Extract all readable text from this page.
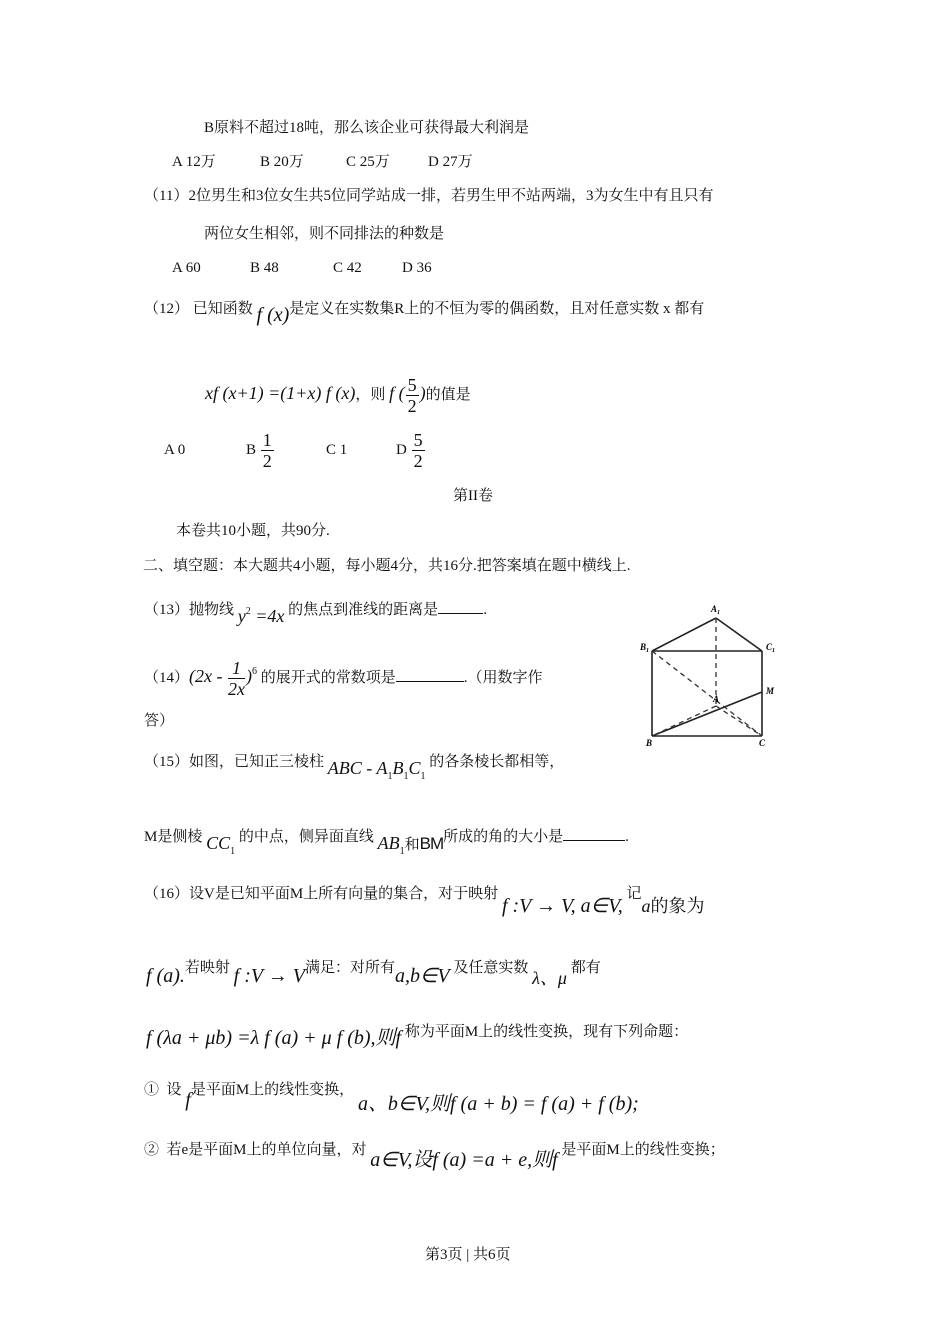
B原料不超过18吨，那么该企业可获得最大利润是
A 12万	B 20万	C 25万	D 27万
（11）2位男生和3位女生共5位同学站成一排，若男生甲不站两端，3为女生中有且只有
两位女生相邻，则不同排法的种数是
A 60	B 48	C 42	D 36
（12） 已知函数 f (x)是定义在实数集R上的不恒为零的偶函数，且对任意实数 x 都有
xf (x+1) =(1+x) f (x)，则 f ( $\frac{5}{2}$ )的值是
A 0	B $\frac{1}{2}$	C 1	D $\frac{5}{2}$
第II卷
本卷共10小题，共90分.
二、填空题：本大题共4小题，每小题4分，共16分.把答案填在题中横线上.
（13）抛物线 $y^2 =4x$ 的焦点到准线的距离是	.
$(14)(2x - \frac{1}{2x} )^6$ 的展开式的常数项是	.（用数字作
答）
（15）如图，已知正三棱柱 ABC - $A_1B_1C_1$ 的各条棱长都相等，
M是侧棱 $CC_1$ 的中点，侧异面直线 $AB_1$和BM所成的角的大小是	.
$A_1$
$B_1$	$C_1$
M
A
B	C
（16）设V是已知平面M上所有向量的集合，对于映射 f :V → V, a∈V, 记a的象为
f (a).若映射 f :V → V满足：对所有a,b∈V 及任意实数 λ、μ 都有
f (λa + μb) =λ f (a) + μ f (b),则f 称为平面M上的线性变换，现有下列命题：
① 设 f是平面M上的线性变换， a、b∈V,则f (a + b) = f (a) + f (b);
② 若e是平面M上的单位向量，对 a∈V,设f (a) =a + e,则f 是平面M上的线性变换；
第3页 | 共6页
